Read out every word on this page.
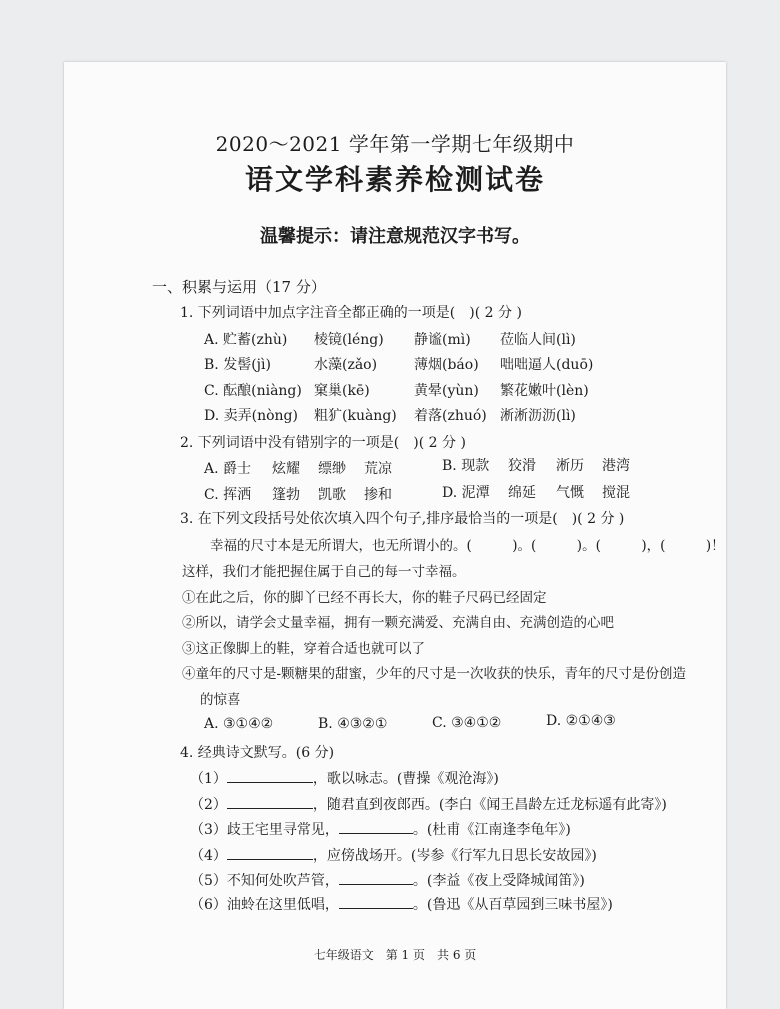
2020～2021 学年第一学期七年级期中
语文学科素养检测试卷
温馨提示：请注意规范汉字书写。
一、积累与运用（17 分）
1. 下列词语中加点字注音全都正确的一项是(　)( 2 分 )
A. 贮蓄(zhù) 棱镜(léng) 静谧(mì) 莅临人间(lì)
B. 发髻(jì)	水藻(zǎo)	薄烟(báo) 咄咄逼人(duō)
C. 酝酿(niàng) 窠巢(kē)	黄晕(yùn) 繁花嫩叶(lèn)
D. 卖弄(nòng) 粗犷(kuàng) 着落(zhuó) 淅淅沥沥(lì)
2. 下列词语中没有错别字的一项是(　)( 2 分 )
A. 爵士 炫耀 缥缈 荒凉	B. 现款 狡滑 淅历 港湾
C. 挥洒 篷勃 凯歌 掺和	D. 泥潭 绵延 气慨 搅混
3. 在下列文段括号处依次填入四个句子,排序最恰当的一项是(　)( 2 分 )
幸福的尺寸本是无所谓大，也无所谓小的。(　　　)。(　　　)。(　　　)，(　　　)！
这样，我们才能把握住属于自己的每一寸幸福。
①在此之后，你的脚丫已经不再长大，你的鞋子尺码已经固定
②所以，请学会丈量幸福，拥有一颗充满爱、充满自由、充满创造的心吧
③这正像脚上的鞋，穿着合适也就可以了
④童年的尺寸是-颗糖果的甜蜜，少年的尺寸是一次收获的快乐，青年的尺寸是份创造
的惊喜
A. ③①④②	B. ④③②①	C. ③④①②	D. ②①④③
4. 经典诗文默写。(6 分)
（1）	，歌以咏志。(曹操《观沧海》)
（2）	，随君直到夜郎西。(李白《闻王昌龄左迁龙标遥有此寄》)
（3）歧王宅里寻常见，	。(杜甫《江南逢李龟年》)
（4）	，应傍战场开。(岑参《行军九日思长安故园》)
（5）不知何处吹芦管，	。(李益《夜上受降城闻笛》)
（6）油蛉在这里低唱，	。(鲁迅《从百草园到三味书屋》)
七年级语文　第 1 页　共 6 页
